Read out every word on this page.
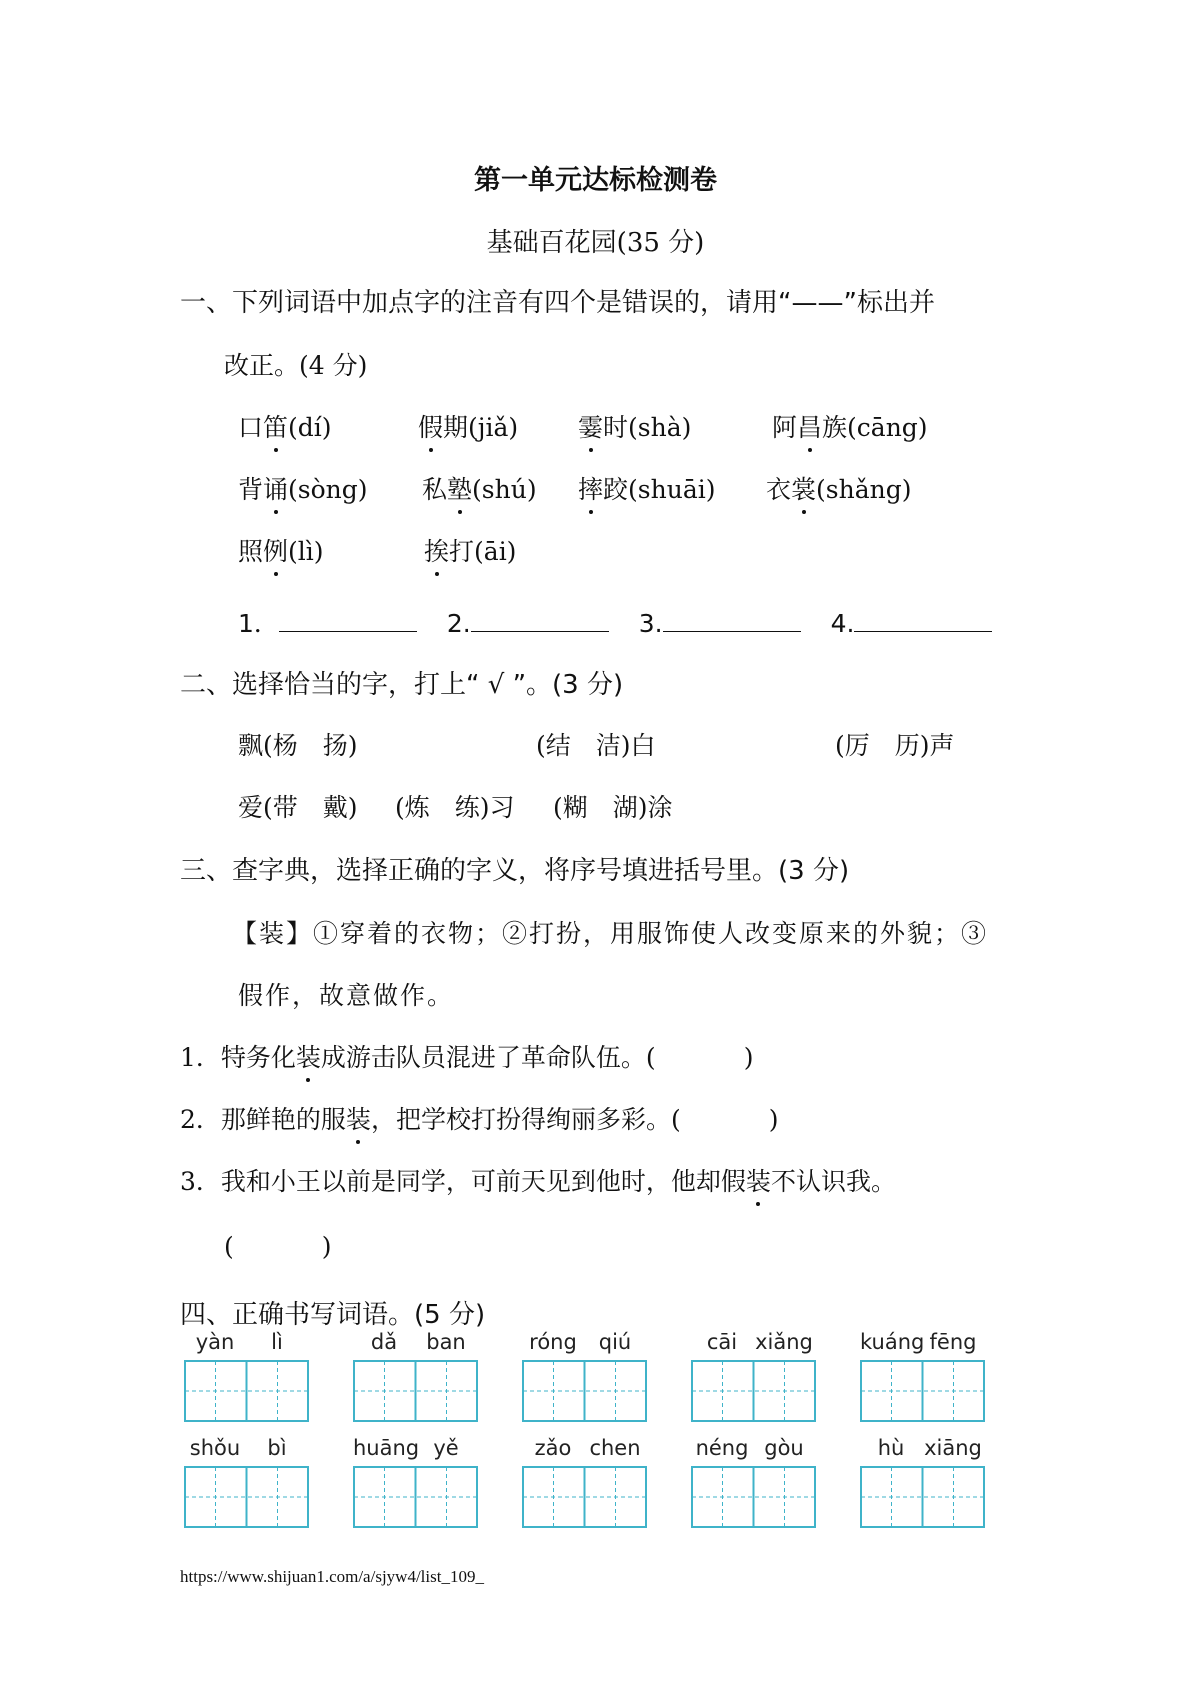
第一单元达标检测卷
基础百花园(35 分)
一、下列词语中加点字的注音有四个是错误的，请用“——”标出并
改正。(4 分)
口笛(dí)	假期(jiǎ) 霎时(shà)	阿昌族(cāng)
背诵(sòng) 私塾(shú) 摔跤(shuāi) 衣裳(shǎng)
照例(lì)	挨打(āi)
1．	2.	3.	4.
二、选择恰当的字，打上“ √ ”。(3 分)
飘(杨　扬)	(结　洁)白	(厉　历)声
爱(带　戴) (炼　练)习 (糊　湖)涂
三、查字典，选择正确的字义，将序号填进括号里。(3 分)
【装】①穿着的衣物；②打扮，用服饰使人改变原来的外貌；③
假作，故意做作。
1．特务化装成游击队员混进了革命队伍。(	)
2．那鲜艳的服装，把学校打扮得绚丽多彩。(	)
3．我和小王以前是同学，可前天见到他时，他却假装不认识我。
(	)
四、正确书写词语。(5 分)
yàn	lì	dǎ	ban	róng	qiú	cāi xiǎng kuáng fēng
shǒu	bì	huāng yě	zǎo chen	néng gòu	hù xiāng
https://www.shijuan1.com/a/sjyw4/list_109_
